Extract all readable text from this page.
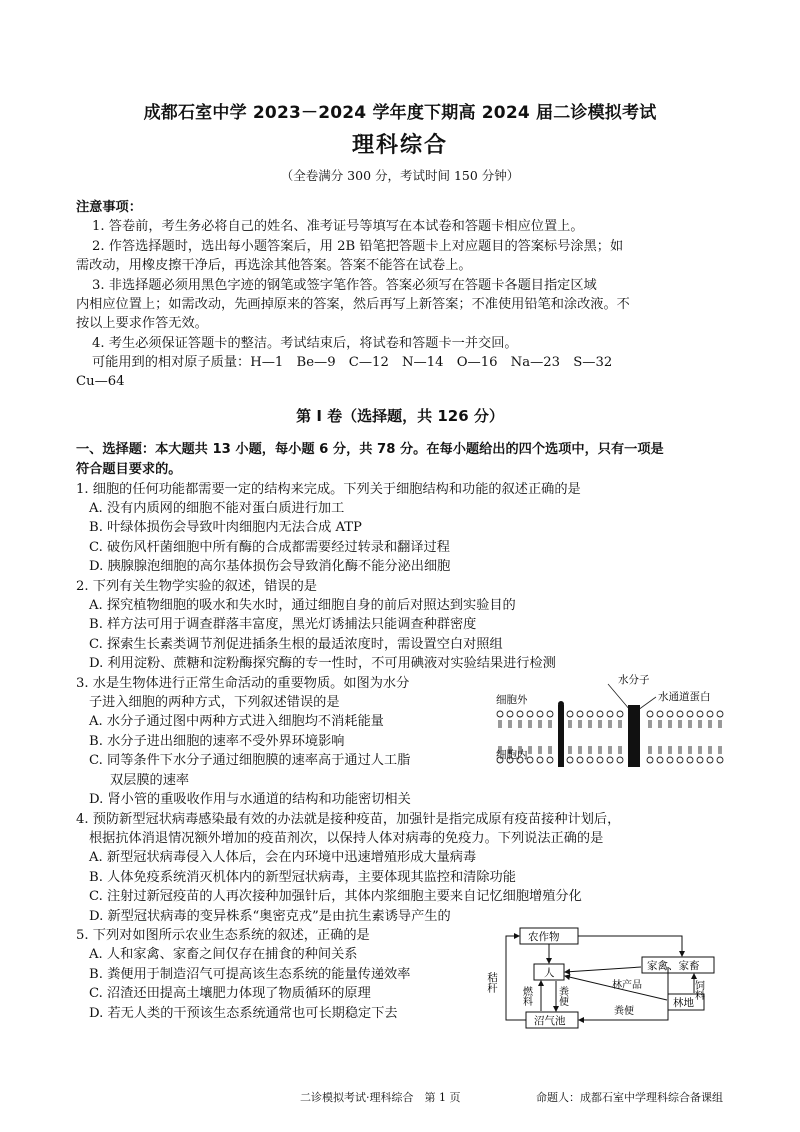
成都石室中学 2023－2024 学年度下期高 2024 届二诊模拟考试
理科综合
（全卷满分 300 分，考试时间 150 分钟）
注意事项：
1. 答卷前，考生务必将自己的姓名、准考证号等填写在本试卷和答题卡相应位置上。
2. 作答选择题时，选出每小题答案后，用 2B 铅笔把答题卡上对应题目的答案标号涂黑；如
需改动，用橡皮擦干净后，再选涂其他答案。答案不能答在试卷上。
3. 非选择题必须用黑色字迹的钢笔或签字笔作答。答案必须写在答题卡各题目指定区域
内相应位置上；如需改动，先画掉原来的答案，然后再写上新答案；不准使用铅笔和涂改液。不
按以上要求作答无效。
4. 考生必须保证答题卡的整洁。考试结束后，将试卷和答题卡一并交回。
可能用到的相对原子质量：H—1　Be—9　C—12　N—14　O—16　Na—23　S—32
Cu—64
第 Ⅰ 卷（选择题，共 126 分）
一、选择题：本大题共 13 小题，每小题 6 分，共 78 分。在每小题给出的四个选项中，只有一项是
符合题目要求的。
1. 细胞的任何功能都需要一定的结构来完成。下列关于细胞结构和功能的叙述正确的是
A. 没有内质网的细胞不能对蛋白质进行加工
B. 叶绿体损伤会导致叶肉细胞内无法合成 ATP
C. 破伤风杆菌细胞中所有酶的合成都需要经过转录和翻译过程
D. 胰腺腺泡细胞的高尔基体损伤会导致消化酶不能分泌出细胞
2. 下列有关生物学实验的叙述，错误的是
A. 探究植物细胞的吸水和失水时，通过细胞自身的前后对照达到实验目的
B. 样方法可用于调查群落丰富度，黑光灯诱捕法只能调查种群密度
C. 探索生长素类调节剂促进插条生根的最适浓度时，需设置空白对照组
D. 利用淀粉、蔗糖和淀粉酶探究酶的专一性时，不可用碘液对实验结果进行检测
3. 水是生物体进行正常生命活动的重要物质。如图为水分
子进入细胞的两种方式，下列叙述错误的是
A. 水分子通过图中两种方式进入细胞均不消耗能量
B. 水分子进出细胞的速率不受外界环境影响
C. 同等条件下水分子通过细胞膜的速率高于通过人工脂
双层膜的速率
D. 肾小管的重吸收作用与水通道的结构和功能密切相关
水分子
水通道蛋白
细胞外
细胞内
4. 预防新型冠状病毒感染最有效的办法就是接种疫苗，加强针是指完成原有疫苗接种计划后，
根据抗体消退情况额外增加的疫苗剂次，以保持人体对病毒的免疫力。下列说法正确的是
A. 新型冠状病毒侵入人体后，会在内环境中迅速增殖形成大量病毒
B. 人体免疫系统消灭机体内的新型冠状病毒，主要体现其监控和清除功能
C. 注射过新冠疫苗的人再次接种加强针后，其体内浆细胞主要来自记忆细胞增殖分化
D. 新型冠状病毒的变异株系“奥密克戎”是由抗生素诱导产生的
5. 下列对如图所示农业生态系统的叙述，正确的是
A. 人和家禽、家畜之间仅存在捕食的种间关系
B. 粪便用于制造沼气可提高该生态系统的能量传递效率
C. 沼渣还田提高土壤肥力体现了物质循环的原理
D. 若无人类的干预该生态系统通常也可长期稳定下去
农作物
人
家禽、家畜
林地
沼气池
秸秆
燃料	粪便
林产品	饲料
粪便
二诊模拟考试·理科综合　第 1 页	命题人：成都石室中学理科综合备课组
